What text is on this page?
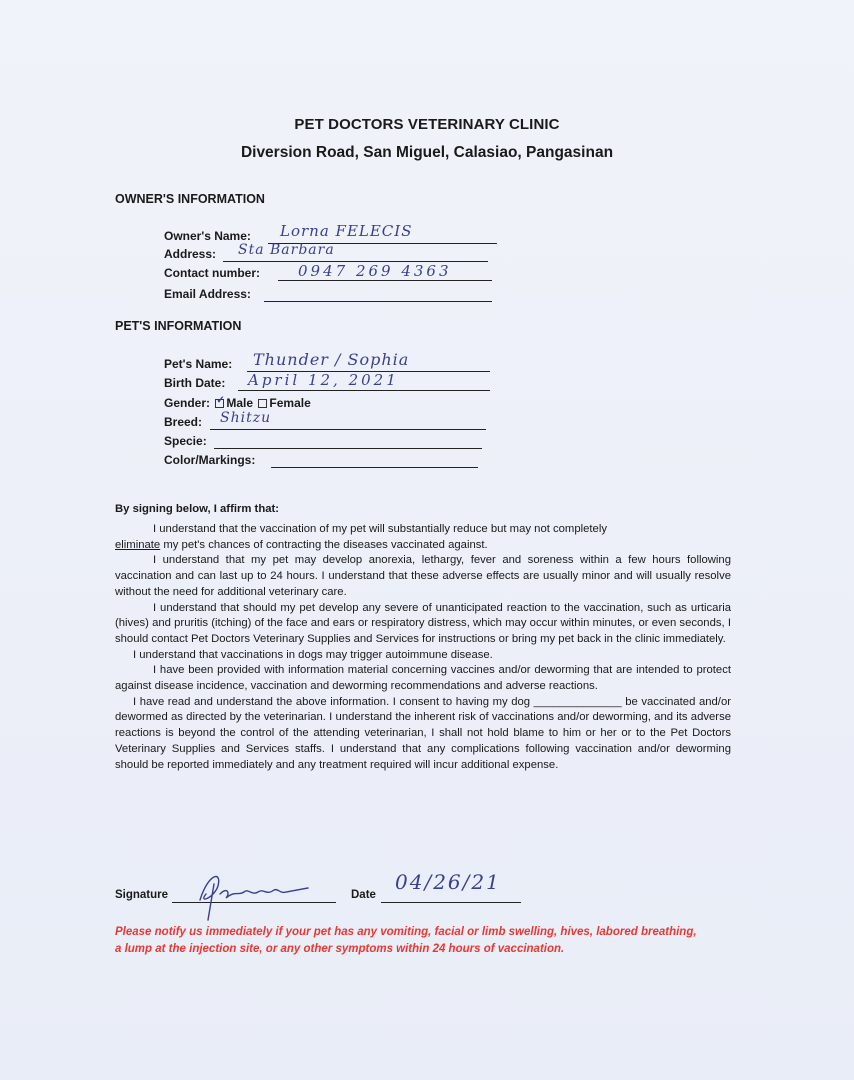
PET DOCTORS VETERINARY CLINIC
Diversion Road, San Miguel, Calasiao, Pangasinan
OWNER'S INFORMATION
Owner's Name: Lorna FELECIS
Address: Sta Barbara
Contact number:	0947 269 4363
Email Address:
PET'S INFORMATION
Pet's Name: Thunder / Sophia
Birth Date: April 12, 2021
Gender: ✓ Male Female
Breed: Shitzu
Specie:
Color/Markings:
By signing below, I affirm that:

I understand that the vaccination of my pet will substantially reduce but may not completely
eliminate my pet's chances of contracting the diseases vaccinated against.

I understand that my pet may develop anorexia, lethargy, fever and soreness within a few hours following vaccination and can last up to 24 hours. I understand that these adverse effects are usually minor and will usually resolve without the need for additional veterinary care.

I understand that should my pet develop any severe of unanticipated reaction to the vaccination, such as urticaria (hives) and pruritis (itching) of the face and ears or respiratory distress, which may occur within minutes, or even seconds, I should contact Pet Doctors Veterinary Supplies and Services for instructions or bring my pet back in the clinic immediately.

I understand that vaccinations in dogs may trigger autoimmune disease.

I have been provided with information material concerning vaccines and/or deworming that are intended to protect against disease incidence, vaccination and deworming recommendations and adverse reactions.

I have read and understand the above information. I consent to having my dog ______________ be vaccinated and/or dewormed as directed by the veterinarian. I understand the inherent risk of vaccinations and/or deworming, and its adverse reactions is beyond the control of the attending veterinarian, I shall not hold blame to him or her or to the Pet Doctors Veterinary Supplies and Services staffs. I understand that any complications following vaccination and/or deworming should be reported immediately and any treatment required will incur additional expense.

Signature	Date
04/26/21
Please notify us immediately if your pet has any vomiting, facial or limb swelling, hives, labored breathing, a lump at the injection site, or any other symptoms within 24 hours of vaccination.
